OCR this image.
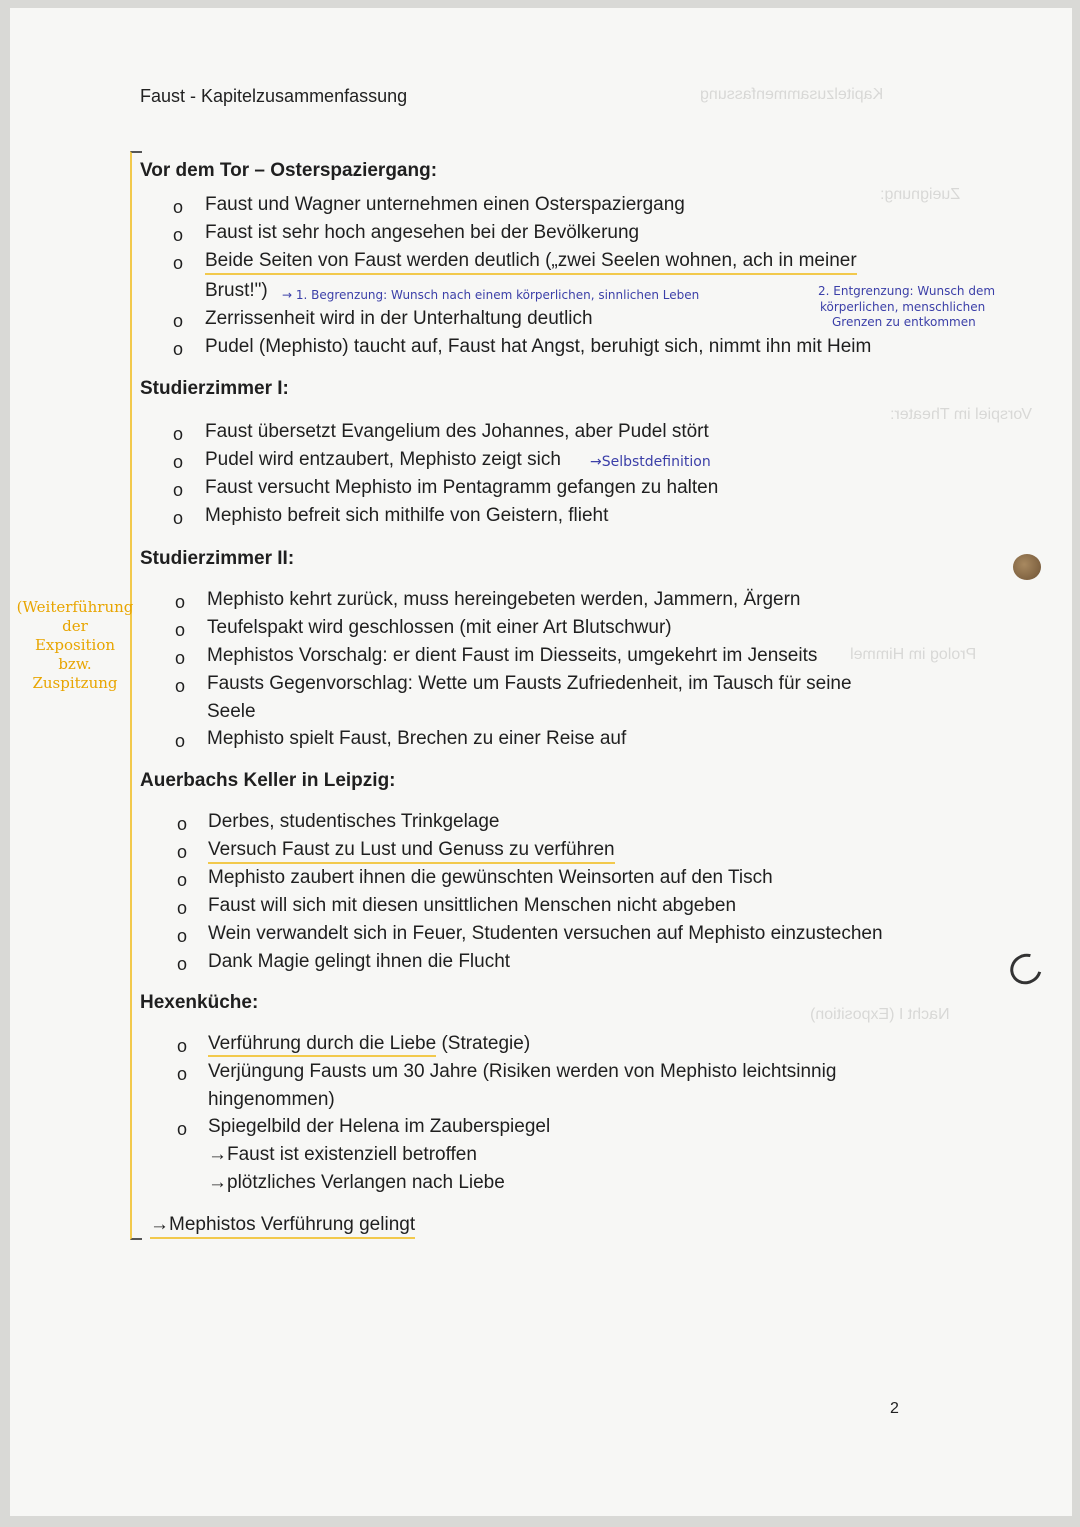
Kapitelzusammenfassung
Zueignung:
Vorspiel im Theater:
Prolog im Himmel
Nacht I (Exposition)
Faust - Kapitelzusammenfassung
Vor dem Tor – Osterspaziergang:
o Faust und Wagner unternehmen einen Osterspaziergang
o Faust ist sehr hoch angesehen bei der Bevölkerung
o Beide Seiten von Faust werden deutlich („zwei Seelen wohnen, ach in meiner
Brust!") → 1. Begrenzung: Wunsch nach einem körperlichen, sinnlichen Leben	2. Entgrenzung: Wunsch dem
körperlichen, menschlichen
Grenzen zu entkommen
o Zerrissenheit wird in der Unterhaltung deutlich
o Pudel (Mephisto) taucht auf, Faust hat Angst, beruhigt sich, nimmt ihn mit Heim
Studierzimmer I:
o Faust übersetzt Evangelium des Johannes, aber Pudel stört
o Pudel wird entzaubert, Mephisto zeigt sich →Selbstdefinition
o Faust versucht Mephisto im Pentagramm gefangen zu halten
o Mephisto befreit sich mithilfe von Geistern, flieht
Studierzimmer II:
o Mephisto kehrt zurück, muss hereingebeten werden, Jammern, Ärgern
o Teufelspakt wird geschlossen (mit einer Art Blutschwur)
o Mephistos Vorschalg: er dient Faust im Diesseits, umgekehrt im Jenseits
o Fausts Gegenvorschlag: Wette um Fausts Zufriedenheit, im Tausch für seine
Seele
o Mephisto spielt Faust, Brechen zu einer Reise auf
(Weiterführung
der
Exposition
bzw.
Zuspitzung
Auerbachs Keller in Leipzig:
o Derbes, studentisches Trinkgelage
o Versuch Faust zu Lust und Genuss zu verführen
o Mephisto zaubert ihnen die gewünschten Weinsorten auf den Tisch
o Faust will sich mit diesen unsittlichen Menschen nicht abgeben
o Wein verwandelt sich in Feuer, Studenten versuchen auf Mephisto einzustechen
o Dank Magie gelingt ihnen die Flucht
Hexenküche:
o Verführung durch die Liebe (Strategie)
o Verjüngung Fausts um 30 Jahre (Risiken werden von Mephisto leichtsinnig
hingenommen)
o Spiegelbild der Helena im Zauberspiegel
→Faust ist existenziell betroffen
→plötzliches Verlangen nach Liebe
→Mephistos Verführung gelingt
2
